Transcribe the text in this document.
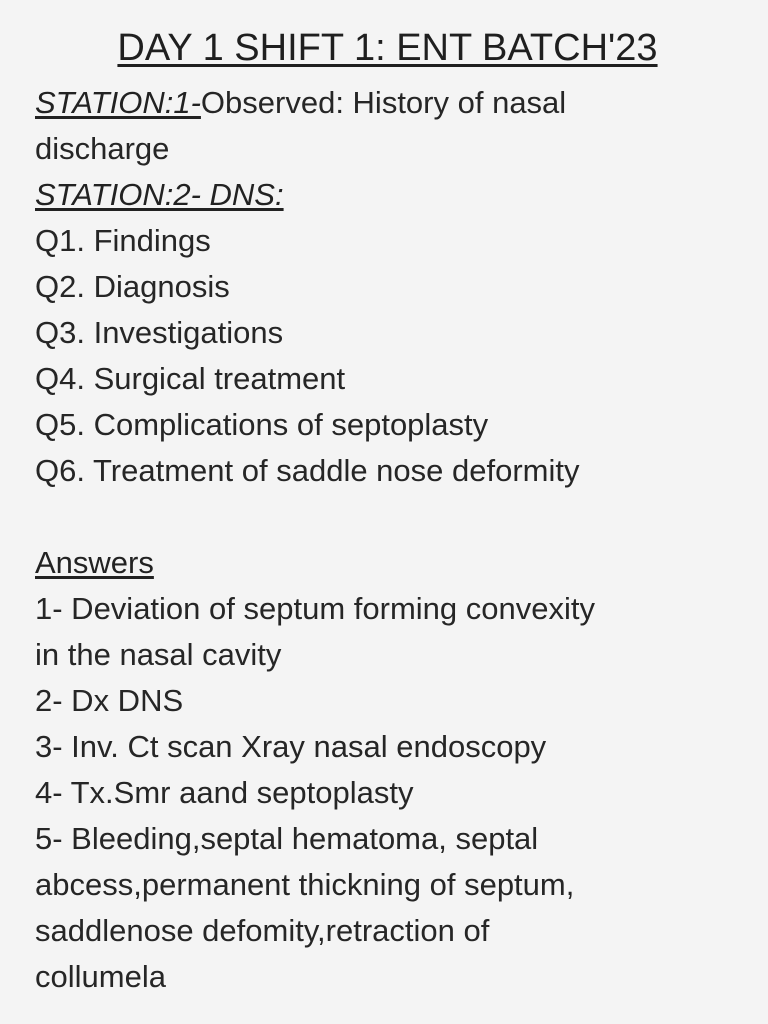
DAY 1 SHIFT 1: ENT BATCH'23
STATION:1-Observed: History of nasal
discharge
STATION:2- DNS:
Q1. Findings
Q2. Diagnosis
Q3. Investigations
Q4. Surgical treatment
Q5. Complications of septoplasty
Q6. Treatment of saddle nose deformity
Answers
1- Deviation of septum forming convexity
in the nasal cavity
2- Dx DNS
3- Inv. Ct scan Xray nasal endoscopy
4- Tx.Smr aand septoplasty
5- Bleeding,septal hematoma, septal
abcess,permanent thickning of septum,
saddlenose defomity,retraction of
collumela
